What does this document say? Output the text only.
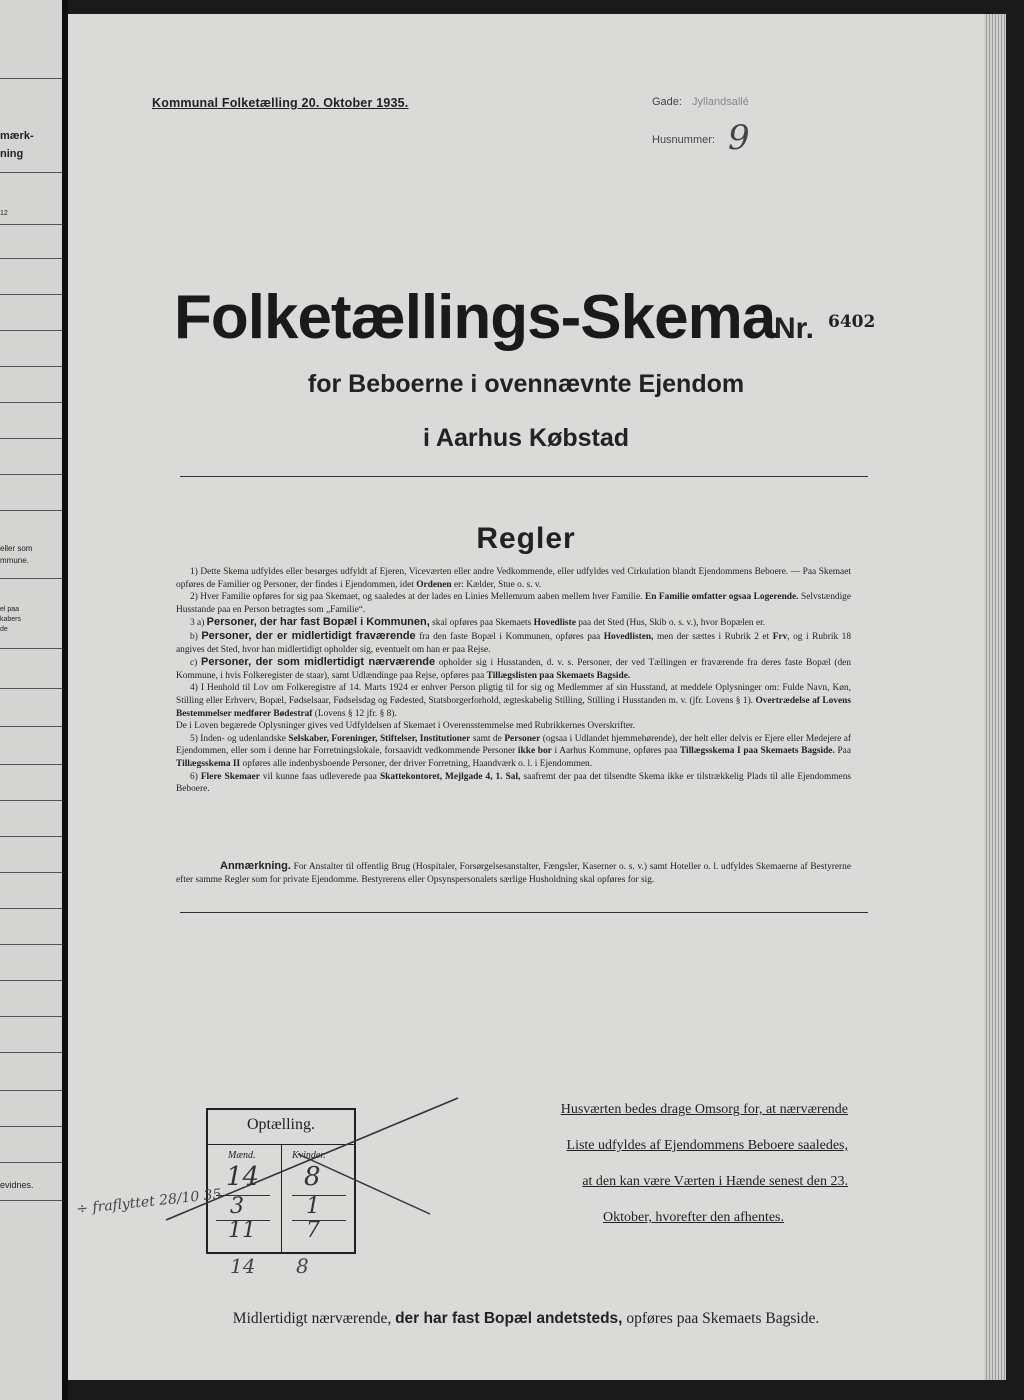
mærk-
ning
12
eller som
mmune.
el paa
kabers
de
evidnes.
Kommunal Folketælling 20. Oktober 1935.	Gade: Jyllandsallé
Husnummer: 9
Folketællings-Skema
Nr. 6402
for Beboerne i ovennævnte Ejendom
i Aarhus Købstad
Regler

1) Dette Skema udfyldes eller besørges udfyldt af Ejeren, Viceværten eller andre Vedkommende, eller udfyldes ved Cirkulation blandt Ejendommens Beboere. — Paa Skemaet opføres de Familier og Personer, der findes i Ejendommen, idet Ordenen er: Kælder, Stue o. s. v.

2) Hver Familie opføres for sig paa Skemaet, og saaledes at der lades en Linies Mellemrum aaben mellem hver Familie. En Familie omfatter ogsaa Logerende. Selvstændige Husstande paa en Person betragtes som „Familie“.

3 a) Personer, der har fast Bopæl i Kommunen, skal opføres paa Skemaets Hovedliste paa det Sted (Hus, Skib o. s. v.), hvor Bopælen er.

b) Personer, der er midlertidigt fraværende fra den faste Bopæl i Kommunen, opføres paa Hovedlisten, men der sættes i Rubrik 2 et Frv, og i Rubrik 18 angives det Sted, hvor han midlertidigt opholder sig, eventuelt om han er paa Rejse.

c) Personer, der som midlertidigt nærværende opholder sig i Husstanden, d. v. s. Personer, der ved Tællingen er fraværende fra deres faste Bopæl (den Kommune, i hvis Folkeregister de staar), samt Udlændinge paa Rejse, opføres paa Tillægslisten paa Skemaets Bagside.

4) I Henhold til Lov om Folkeregistre af 14. Marts 1924 er enhver Person pligtig til for sig og Medlemmer af sin Husstand, at meddele Oplysninger om: Fulde Navn, Køn, Stilling eller Erhverv, Bopæl, Fødselsaar, Fødselsdag og Fødested, Statsborgerforhold, ægteskabelig Stilling, Stilling i Husstanden m. v. (jfr. Lovens § 1). Overtrædelse af Lovens Bestemmelser medfører Bødestraf (Lovens § 12 jfr. § 8).
De i Loven begærede Oplysninger gives ved Udfyldelsen af Skemaet i Overensstemmelse med Rubrikkernes Overskrifter.

5) Inden- og udenlandske Selskaber, Foreninger, Stiftelser, Institutioner samt de Personer (ogsaa i Udlandet hjemmehørende), der helt eller delvis er Ejere eller Medejere af Ejendommen, eller som i denne har Forretningslokale, forsaavidt vedkommende Personer ikke bor i Aarhus Kommune, opføres paa Tillægsskema I paa Skemaets Bagside. Paa Tillægsskema II opføres alle indenbysboende Personer, der driver Forretning, Haandværk o. l. i Ejendommen.

6) Flere Skemaer vil kunne faas udleverede paa Skattekontoret, Mejlgade 4, 1. Sal, saafremt der paa det tilsendte Skema ikke er tilstrækkelig Plads til alle Ejendommens Beboere.

Anmærkning. For Anstalter til offentlig Brug (Hospitaler, Forsørgelsesanstalter, Fængsler, Kaserner o. s. v.) samt Hoteller o. l. udfyldes Skemaerne af Bestyrerne efter samme Regler som for private Ejendomme. Bestyrerens eller Opsynspersonalets særlige Husholdning skal opføres for sig.
Optælling.
Mænd.	Kvinder.
14 8
3	1
11 7
÷ fraflyttet 28/10 35
14 8
Husværten bedes drage Omsorg for, at nærværende
Liste udfyldes af Ejendommens Beboere saaledes,
at den kan være Værten i Hænde senest den 23.
Oktober, hvorefter den afhentes.
Midlertidigt nærværende, der har fast Bopæl andetsteds, opføres paa Skemaets Bagside.
